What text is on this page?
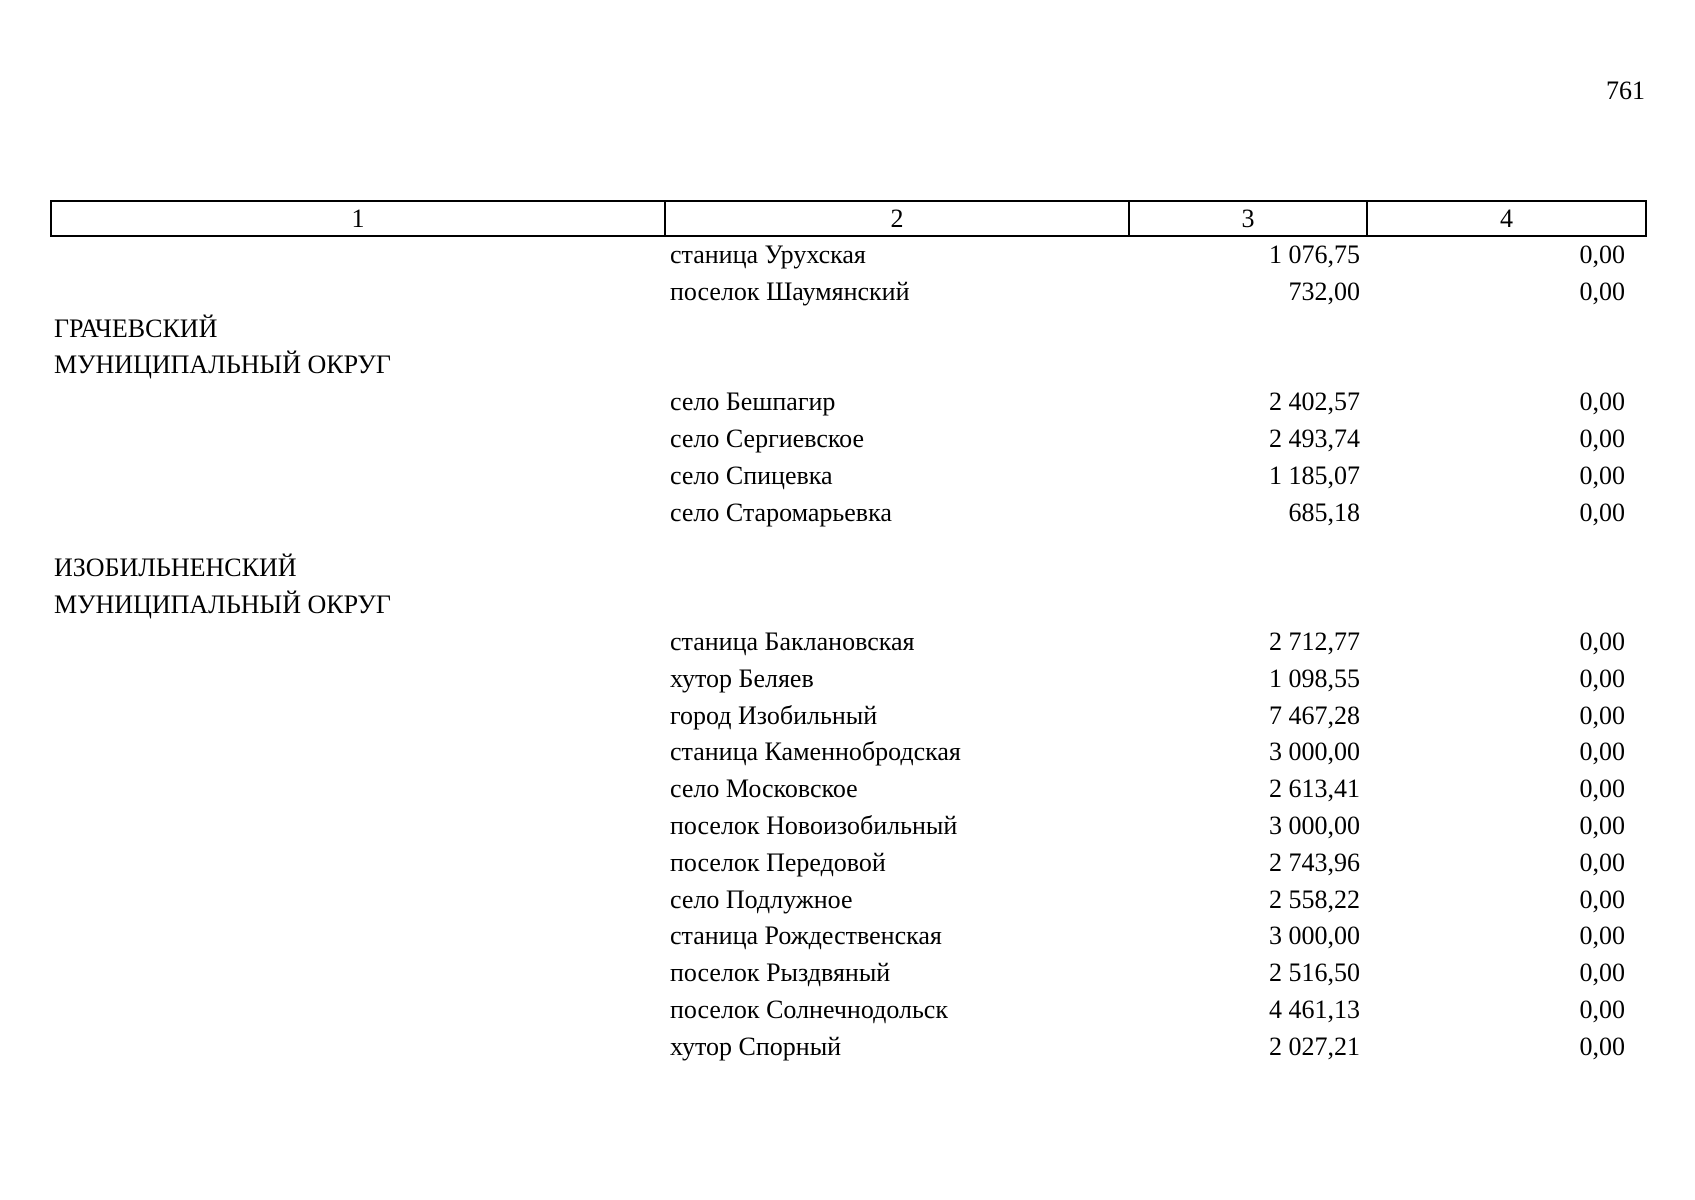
761
1	2	3	4
	станица Урухская	1 076,75	0,00
	поселок Шаумянский	732,00	0,00
ГРАЧЕВСКИЙ			
МУНИЦИПАЛЬНЫЙ ОКРУГ			
	село Бешпагир	2 402,57	0,00
	село Сергиевское	2 493,74	0,00
	село Спицевка	1 185,07	0,00
	село Старомарьевка	685,18	0,00

ИЗОБИЛЬНЕНСКИЙ			
МУНИЦИПАЛЬНЫЙ ОКРУГ			
	станица Баклановская	2 712,77	0,00
	хутор Беляев	1 098,55	0,00
	город Изобильный	7 467,28	0,00
	станица Каменнобродская	3 000,00	0,00
	село Московское	2 613,41	0,00
	поселок Новоизобильный	3 000,00	0,00
	поселок Передовой	2 743,96	0,00
	село Подлужное	2 558,22	0,00
	станица Рождественская	3 000,00	0,00
	поселок Рыздвяный	2 516,50	0,00
	поселок Солнечнодольск	4 461,13	0,00
	хутор Спорный	2 027,21	0,00
